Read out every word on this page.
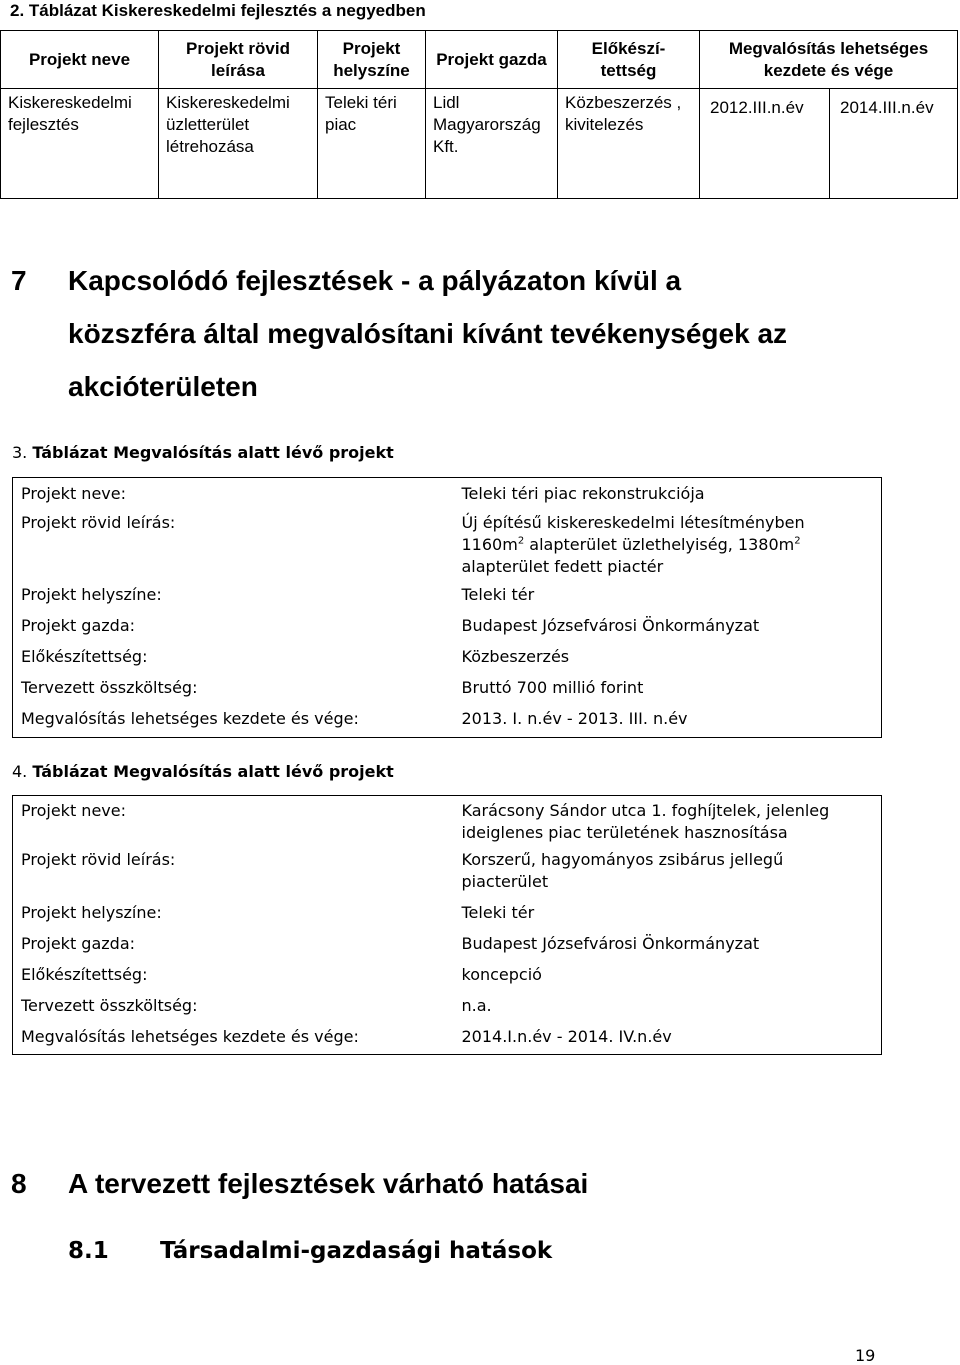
2. Táblázat Kiskereskedelmi fejlesztés a negyedben
Projekt neve	Projekt rövid leírása	Projekt helyszíne	Projekt gazda	Előkészí-tettség	Megvalósítás lehetséges kezdete és vége	
Kiskereskedelmi fejlesztés	Kiskereskedelmi üzletterület létrehozása	Teleki téri piac	Lidl Magyarország Kft.	Közbeszerzés , kivitelezés	2012.III.n.év	2014.III.n.év
7 Kapcsolódó fejlesztések - a pályázaton kívül a
közszféra által megvalósítani kívánt tevékenységek az
akcióterületen
3. Táblázat Megvalósítás alatt lévő projekt
Projekt neve:	Teleki téri piac rekonstrukciója
Projekt rövid leírás:	Új építésű kiskereskedelmi létesítményben
$1160m^2$ alapterület üzlethelyiség, $1380m^2$
alapterület fedett piactér

Projekt helyszíne:	Teleki tér
Projekt gazda:	Budapest Józsefvárosi Önkormányzat
Előkészítettség:	Közbeszerzés
Tervezett összköltség:	Bruttó 700 millió forint
Megvalósítás lehetséges kezdete és vége:	2013. I. n.év - 2013. III. n.év
4. Táblázat Megvalósítás alatt lévő projekt
Projekt neve:	Karácsony Sándor utca 1. foghíjtelek, jelenleg
ideiglenes piac területének hasznosítása

Projekt rövid leírás:	Korszerű, hagyományos zsibárus jellegű
piacterület

Projekt helyszíne:	Teleki tér
Projekt gazda:	Budapest Józsefvárosi Önkormányzat
Előkészítettség:	koncepció
Tervezett összköltség:	n.a.
Megvalósítás lehetséges kezdete és vége:	2014.I.n.év - 2014. IV.n.év
8 A tervezett fejlesztések várható hatásai
8.1 Társadalmi-gazdasági hatások
19
